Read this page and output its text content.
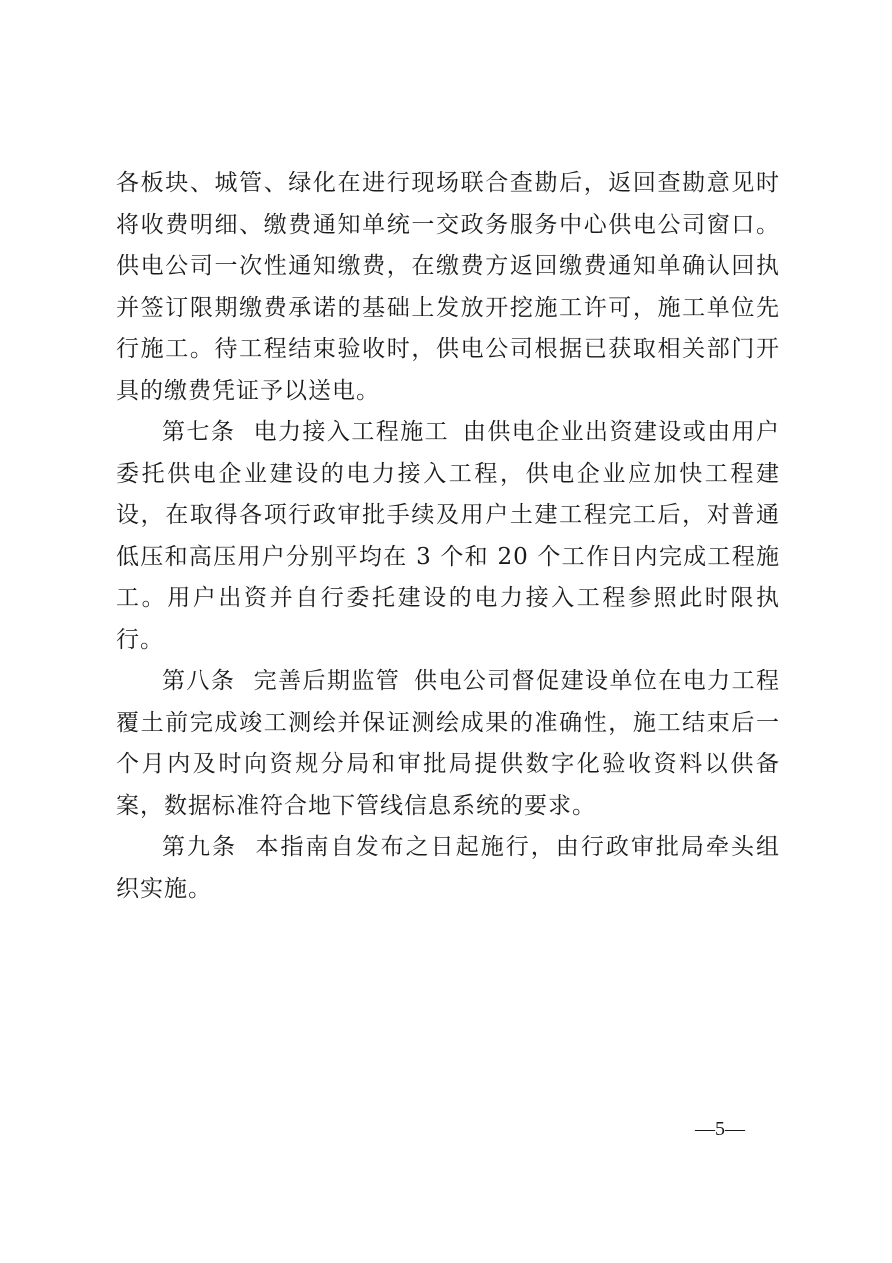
各板块、城管、绿化在进行现场联合查勘后，返回查勘意见时将收费明细、缴费通知单统一交政务服务中心供电公司窗口。供电公司一次性通知缴费，在缴费方返回缴费通知单确认回执并签订限期缴费承诺的基础上发放开挖施工许可，施工单位先行施工。待工程结束验收时，供电公司根据已获取相关部门开具的缴费凭证予以送电。

第七条 电力接入工程施工 由供电企业出资建设或由用户委托供电企业建设的电力接入工程，供电企业应加快工程建设，在取得各项行政审批手续及用户土建工程完工后，对普通低压和高压用户分别平均在 3 个和 20 个工作日内完成工程施工。用户出资并自行委托建设的电力接入工程参照此时限执行。

第八条 完善后期监管 供电公司督促建设单位在电力工程覆土前完成竣工测绘并保证测绘成果的准确性，施工结束后一个月内及时向资规分局和审批局提供数字化验收资料以供备案，数据标准符合地下管线信息系统的要求。

第九条 本指南自发布之日起施行，由行政审批局牵头组织实施。

—5—
